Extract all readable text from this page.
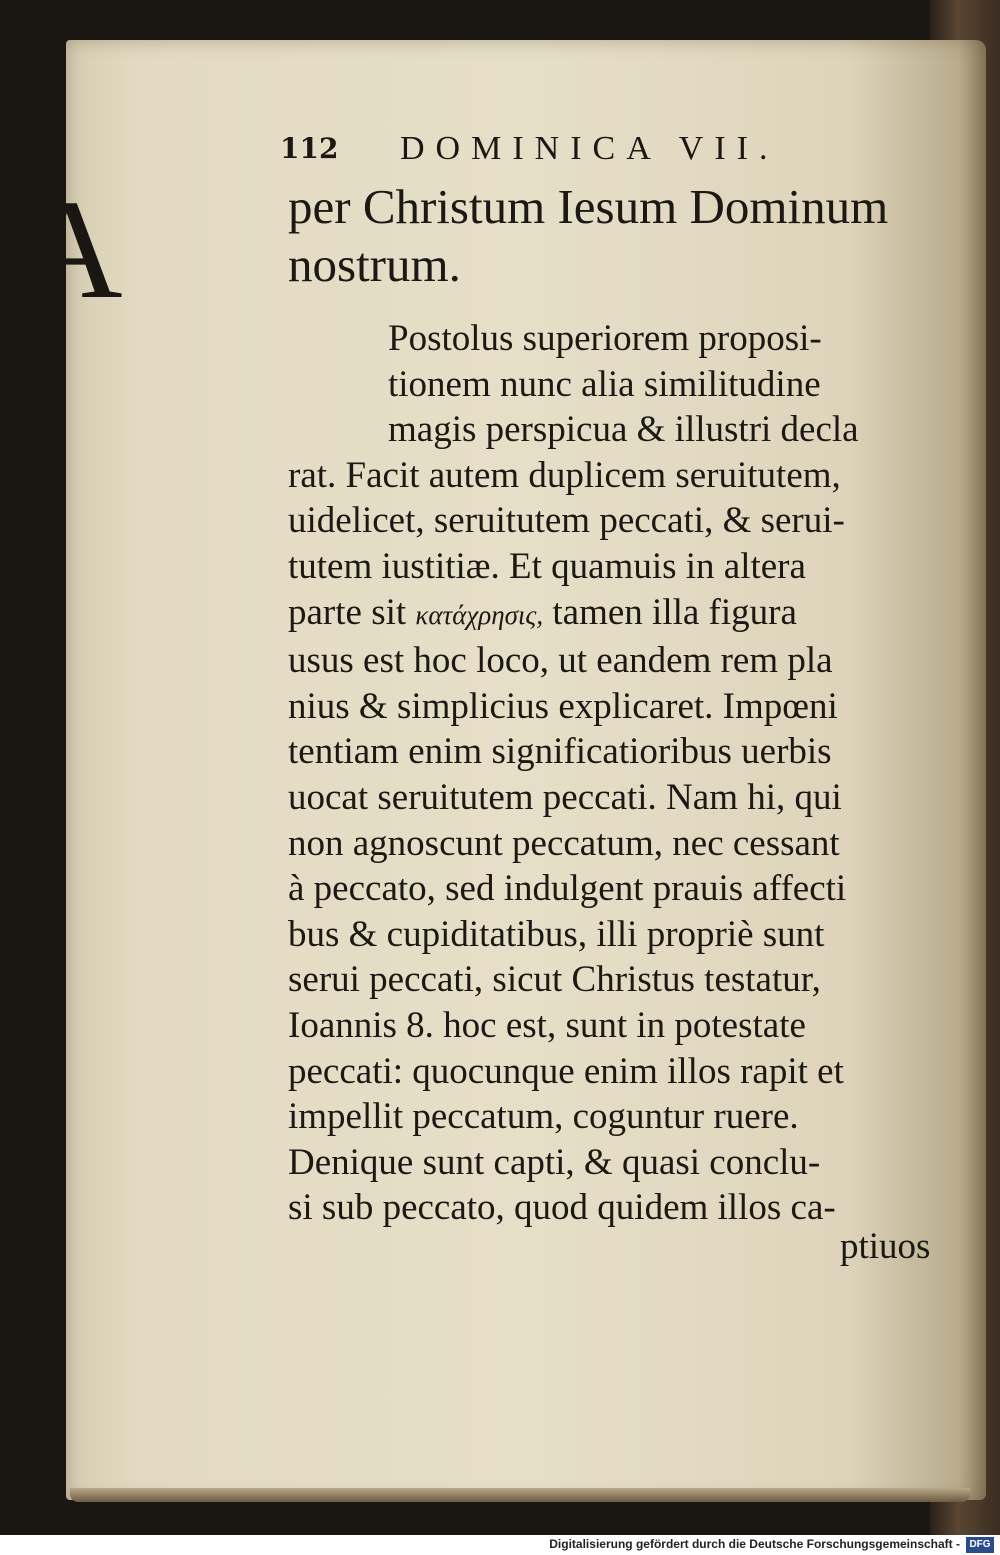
112 DOMINICA VII.
A	per Christum Iesum Dominum
nostrum.
Postolus superiorem proposi-
tionem nunc alia similitudine
magis perspicua & illustri decla
rat. Facit autem duplicem seruitutem,
uidelicet, seruitutem peccati, & serui-
tutem iustitiæ. Et quamuis in altera
parte sit κατάχρησις, tamen illa figura
usus est hoc loco, ut eandem rem pla
nius & simplicius explicaret. Impœni
tentiam enim significatioribus uerbis
uocat seruitutem peccati. Nam hi, qui
non agnoscunt peccatum, nec cessant
à peccato, sed indulgent prauis affecti
bus & cupiditatibus, illi propriè sunt
serui peccati, sicut Christus testatur,
Ioannis 8. hoc est, sunt in potestate
peccati: quocunque enim illos rapit et
impellit peccatum, coguntur ruere.
Denique sunt capti, & quasi conclu-
si sub peccato, quod quidem illos ca-
ptiuos
Digitalisierung gefördert durch die Deutsche Forschungsgemeinschaft - DFG
